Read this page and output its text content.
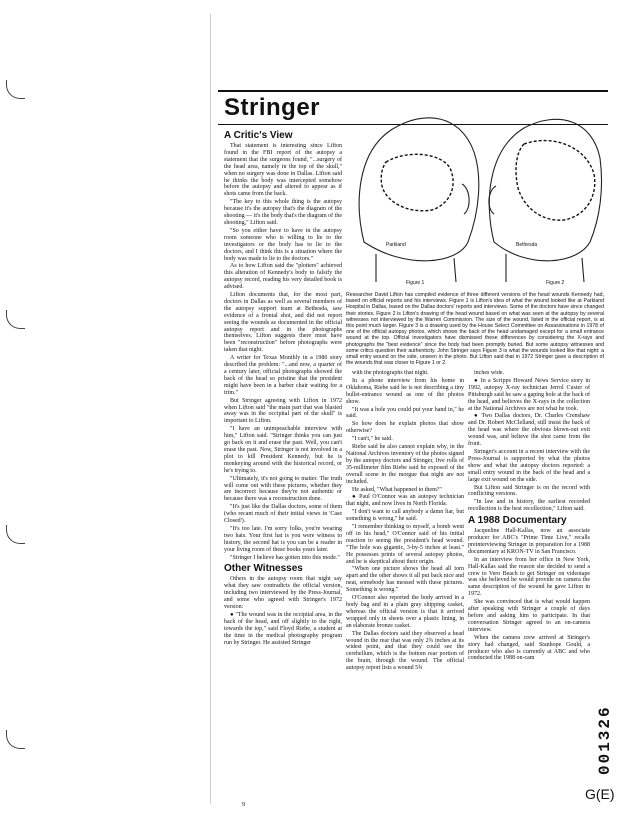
Stringer
Parkland	Bethesda
Figure 1	Figure 2
Researcher David Lifton has compiled evidence of three different versions of the head wounds Kennedy had, based on official reports and his interviews. Figure 1 is Lifton's idea of what the wound looked like at Parkland Hospital in Dallas, based on the Dallas doctors' reports and interviews. Some of the doctors have since changed their stories. Figure 2 is Lifton's drawing of the head wound based on what was seen at the autopsy by several witnesses not interviewed by the Warren Commission. The size of the wound, listed in the official report, is at this point much larger. Figure 3 is a drawing used by the House Select Committee on Assassinations in 1978 of one of the official autopsy photos, which shows the back of the head undamaged except for a small entrance wound at the top. Official investigators have dismissed these differences by considering the X-rays and photographs the "best evidence" since the body had been promptly buried. But some autopsy witnesses and some critics question their authenticity. John Stringer says Figure 3 is what the wounds looked like that night: a small entry wound on the side, unseen in the photo. But Lifton said that in 1972 Stringer gave a description of the wounds that was closer to Figure 1 or 2.
A Critic's View

That statement is interesting since Lifton found in the FBI report of the autopsy a statement that the surgeons found, "...surgery of the head area, namely in the top of the skull," when no surgery was done in Dallas. Lifton said he thinks the body was intercepted somehow before the autopsy and altered to appear as if shots came from the back.

"The key to this whole thing is the autopsy because it's the autopsy that's the diagram of the shooting — it's the body that's the diagram of the shooting," Lifton said.

"So you either have to have in the autopsy room someone who is willing to lie to the investigators or the body has to lie to the doctors, and I think this is a situation where the body was made to lie to the doctors."

As to how Lifton said the "plotters" achieved this alteration of Kennedy's body to falsify the autopsy record, reading his very detailed book is advised.

Lifton documents that, for the most part, doctors in Dallas as well as several members of the autopsy support team at Bethesda, saw evidence of a frontal shot, and did not report seeing the wounds as documented in the official autopsy report and in the photographs themselves. Lifton suggests there must have been "reconstruction" before photographs were taken that night.

A writer for Texas Monthly in a 1980 story described the problem: "...and now, a quarter of a century later, official photographs showed the back of the head so pristine that the president might have been in a barber chair waiting for a trim."

But Stringer agreeing with Lifton in 1972 when Lifton said "the main part that was blasted away was in the occipital part of the skull" is important to Lifton.

"I have an unimpeachable interview with him," Lifton said. "Stringer thinks you can just go back on it and erase the past. Well, you can't erase the past. Now, Stringer is not involved in a plot to kill President Kennedy, but he is monkeying around with the historical record, or he's trying to.

"Ultimately, it's not going to matter. The truth will come out with these pictures, whether they are incorrect because they're not authentic or because there was a reconstruction done.

"It's just like the Dallas doctors, some of them (who recant much of their initial views in 'Case Closed').

"It's too late. I'm sorry folks, you're wearing two hats. Your first hat is you were witness to history, the second hat is you can be a reader in your living room of these books years later.

"Stringer I believe has gotten into this mode."

Other Witnesses

Others in the autopsy room that night say what they saw contradicts the official version, including two interviewed by the Press-Journal, and some who agreed with Stringer's 1972 version:

● "The wound was in the occipital area, in the back of the head, and off slightly to the right, towards the top," said Floyd Riebe, a student at the time in the medical photography program run by Stringer. He assisted Stringer

with the photographs that night.

In a phone interview from his home in Oklahoma, Riebe said he is not describing a tiny bullet-entrance wound as one of the photos show.

"It was a hole you could put your hand in," he said.

So how does he explain photos that show otherwise?

"I can't," he said.

Riebe said he also cannot explain why, in the National Archives inventory of the photos signed by the autopsy doctors and Stringer, five rolls of 35-millimeter film Riebe said he exposed of the overall scene in the morgue that night are not included.

He asked, "What happened to them?"

● Paul O'Connor was an autopsy technician that night, and now lives in North Florida.

"I don't want to call anybody a damn liar, but something is wrong," he said.

"I remember thinking to myself, a bomb went off in his head," O'Connor said of his initial reaction to seeing the president's head wound. "The hole was gigantic, 3-by-5 inches at least." He possesses prints of several autopsy photos, and he is skeptical about their origin.

"When one picture shows the head all torn apart and the other shows it all put back nice and neat, somebody has messed with these pictures. Something is wrong."

O'Connor also reported the body arrived in a body bag and in a plain gray shipping casket, whereas the official version is that it arrived wrapped only in sheets over a plastic lining, in an elaborate bronze casket.

The Dallas doctors said they observed a head wound in the rear that was only 2¾ inches at its widest point, and that they could see the cerebellum, which is the bottom rear portion of the brain, through the wound. The official autopsy report lists a wound 5¾

inches wide.

● In a Scripps Howard News Service story in 1992, autopsy X-ray technician Jerrol Custer of Pittsburgh said he saw a gaping hole at the back of the head, and believes the X-rays in the collection at the National Archives are not what he took.

● Two Dallas doctors, Dr. Charles Crenshaw and Dr. Robert McClelland, still insist the back of the head was where the obvious blown-out exit wound was, and believe the shot came from the front.

Stringer's account in a recent interview with the Press-Journal is supported by what the photos show and what the autopsy doctors reported: a small entry wound in the back of the head and a large exit wound on the side.

But Lifton said Stringer is on the record with conflicting versions.

"In law and in history, the earliest recorded recollection is the best recollection," Lifton said.

A 1988 Documentary

Jacqueline Hall-Kallas, now an associate producer for ABC's "Prime Time Live," recalls preinterviewing Stringer in preparation for a 1988 documentary at KRON-TV in San Francisco.

In an interview from her office in New York, Hall-Kallas said the reason she decided to send a crew to Vero Beach to get Stringer on videotape was she believed he would provide on camera the same description of the wound he gave Lifton in 1972.

She was convinced that is what would happen after speaking with Stringer a couple of days before and asking him to participate. In that conversation Stringer agreed to an on-camera interview.

When the camera crew arrived at Stringer's story had changed, said Stanhope Gould, a producer who also is currently at ABC and who conducted the 1988 on-cam

9
001326
G(E)
